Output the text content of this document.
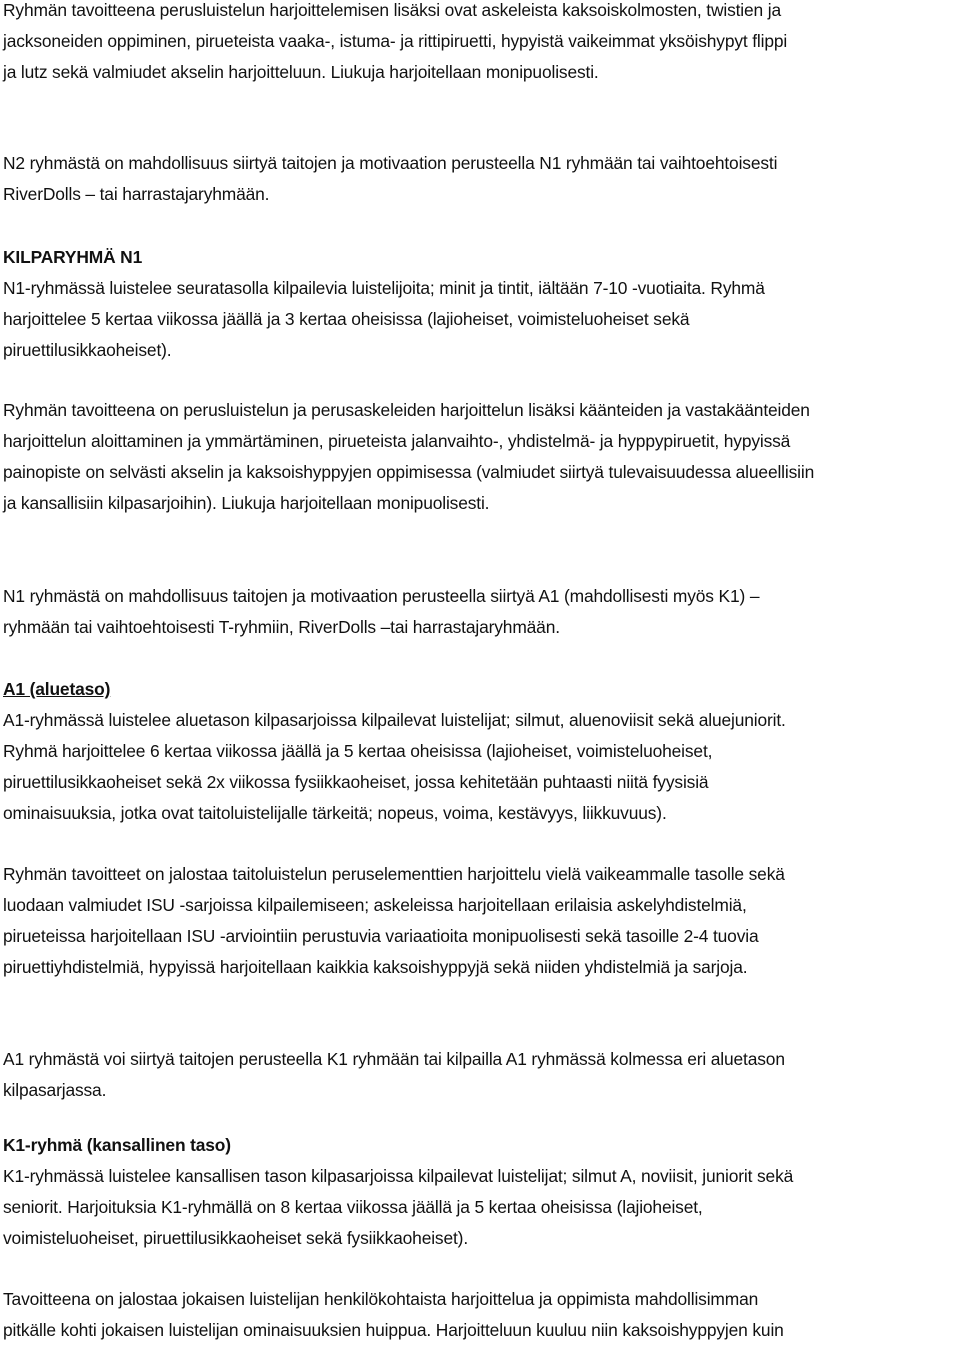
Ryhmän tavoitteena perusluistelun harjoittelemisen lisäksi ovat askeleista kaksoiskolmosten, twistien ja
jacksoneiden oppiminen, pirueteista vaaka-, istuma- ja rittipiruetti, hypyistä vaikeimmat yksöishypyt flippi
ja lutz sekä valmiudet akselin harjoitteluun. Liukuja harjoitellaan monipuolisesti.
N2 ryhmästä on mahdollisuus siirtyä taitojen ja motivaation perusteella N1 ryhmään tai vaihtoehtoisesti
RiverDolls – tai harrastajaryhmään.
KILPARYHMÄ N1
N1-ryhmässä luistelee seuratasolla kilpailevia luistelijoita; minit ja tintit, iältään 7-10 -vuotiaita. Ryhmä
harjoittelee 5 kertaa viikossa jäällä ja 3 kertaa oheisissa (lajioheiset, voimisteluoheiset sekä
piruettilusikkaoheiset).
Ryhmän tavoitteena on perusluistelun ja perusaskeleiden harjoittelun lisäksi käänteiden ja vastakäänteiden
harjoittelun aloittaminen ja ymmärtäminen, pirueteista jalanvaihto-, yhdistelmä- ja hyppypiruetit, hypyissä
painopiste on selvästi akselin ja kaksoishyppyjen oppimisessa (valmiudet siirtyä tulevaisuudessa alueellisiin
ja kansallisiin kilpasarjoihin). Liukuja harjoitellaan monipuolisesti.
N1 ryhmästä on mahdollisuus taitojen ja motivaation perusteella siirtyä A1 (mahdollisesti myös K1) –
ryhmään tai vaihtoehtoisesti T-ryhmiin, RiverDolls –tai harrastajaryhmään.
A1 (aluetaso)
A1-ryhmässä luistelee aluetason kilpasarjoissa kilpailevat luistelijat; silmut, aluenoviisit sekä aluejuniorit.
Ryhmä harjoittelee 6 kertaa viikossa jäällä ja 5 kertaa oheisissa (lajioheiset, voimisteluoheiset,
piruettilusikkaoheiset sekä 2x viikossa fysiikkaoheiset, jossa kehitetään puhtaasti niitä fyysisiä
ominaisuuksia, jotka ovat taitoluistelijalle tärkeitä; nopeus, voima, kestävyys, liikkuvuus).
Ryhmän tavoitteet on jalostaa taitoluistelun peruselementtien harjoittelu vielä vaikeammalle tasolle sekä
luodaan valmiudet ISU -sarjoissa kilpailemiseen; askeleissa harjoitellaan erilaisia askelyhdistelmiä,
pirueteissa harjoitellaan ISU -arviointiin perustuvia variaatioita monipuolisesti sekä tasoille 2-4 tuovia
piruettiyhdistelmiä, hypyissä harjoitellaan kaikkia kaksoishyppyjä sekä niiden yhdistelmiä ja sarjoja.
A1 ryhmästä voi siirtyä taitojen perusteella K1 ryhmään tai kilpailla A1 ryhmässä kolmessa eri aluetason
kilpasarjassa.
K1-ryhmä (kansallinen taso)
K1-ryhmässä luistelee kansallisen tason kilpasarjoissa kilpailevat luistelijat; silmut A, noviisit, juniorit sekä
seniorit. Harjoituksia K1-ryhmällä on 8 kertaa viikossa jäällä ja 5 kertaa oheisissa (lajioheiset,
voimisteluoheiset, piruettilusikkaoheiset sekä fysiikkaoheiset).
Tavoitteena on jalostaa jokaisen luistelijan henkilökohtaista harjoittelua ja oppimista mahdollisimman
pitkälle kohti jokaisen luistelijan ominaisuuksien huippua. Harjoitteluun kuuluu niin kaksoishyppyjen kuin
